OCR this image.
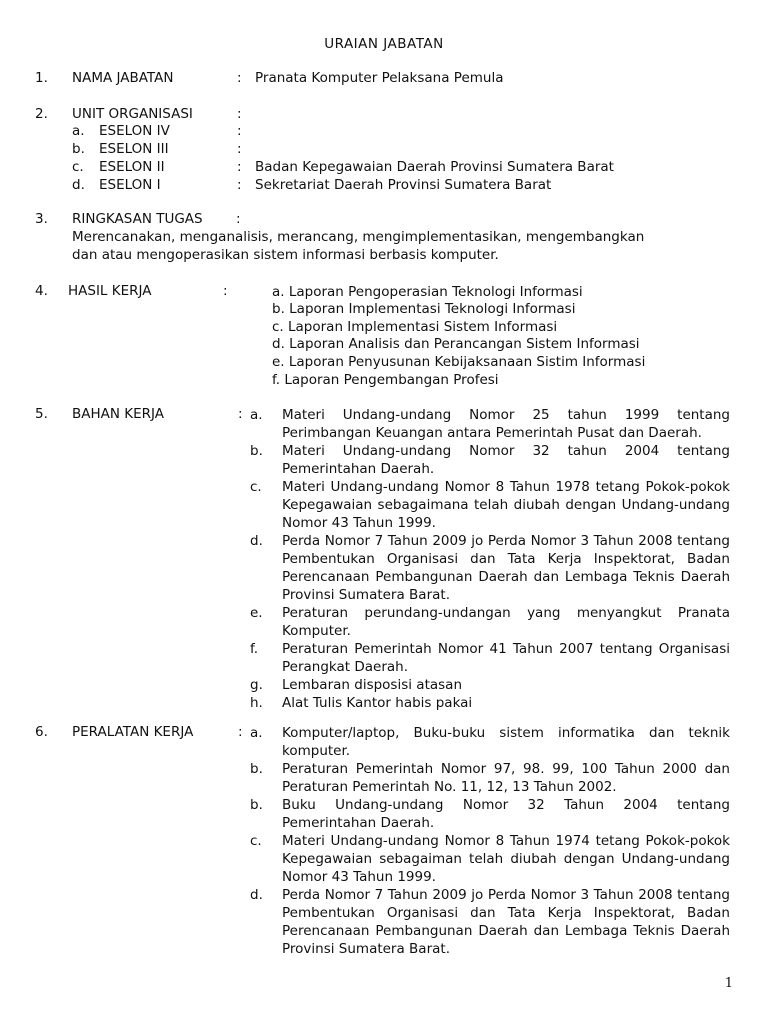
URAIAN JABATAN
1. NAMA JABATAN	: Pranata Komputer Pelaksana Pemula
2. UNIT ORGANISASI	:
a. ESELON IV	:
b. ESELON III	:
c. ESELON II	: Badan Kepegawaian Daerah Provinsi Sumatera Barat
d. ESELON I	: Sekretariat Daerah Provinsi Sumatera Barat
3. RINGKASAN TUGAS :
Merencanakan, menganalisis, merancang, mengimplementasikan, mengembangkan
dan atau mengoperasikan sistem informasi berbasis komputer.
4. HASIL KERJA	:	a. Laporan Pengoperasian Teknologi Informasi
b. Laporan Implementasi Teknologi Informasi
c. Laporan Implementasi Sistem Informasi
d. Laporan Analisis dan Perancangan Sistem Informasi
e. Laporan Penyusunan Kebijaksanaan Sistim Informasi
f. Laporan Pengembangan Profesi
5. BAHAN KERJA	: a. Materi Undang-undang Nomor 25 tahun 1999 tentang Perimbangan Keuangan antara Pemerintah Pusat dan Daerah.
b. Materi Undang-undang Nomor 32 tahun 2004 tentang Pemerintahan Daerah.
c. Materi Undang-undang Nomor 8 Tahun 1978 tetang Pokok-pokok Kepegawaian sebagaimana telah diubah dengan Undang-undang Nomor 43 Tahun 1999.
d. Perda Nomor 7 Tahun 2009 jo Perda Nomor 3 Tahun 2008 tentang Pembentukan Organisasi dan Tata Kerja Inspektorat, Badan Perencanaan Pembangunan Daerah dan Lembaga Teknis Daerah Provinsi Sumatera Barat.
e. Peraturan perundang-undangan yang menyangkut Pranata Komputer.
f. Peraturan Pemerintah Nomor 41 Tahun 2007 tentang Organisasi Perangkat Daerah.
g. Lembaran disposisi atasan
h. Alat Tulis Kantor habis pakai
6. PERALATAN KERJA	: a. Komputer/laptop, Buku-buku sistem informatika dan teknik komputer.
b. Peraturan Pemerintah Nomor 97, 98. 99, 100 Tahun 2000 dan Peraturan Pemerintah No. 11, 12, 13 Tahun 2002.
b. Buku Undang-undang Nomor 32 Tahun 2004 tentang Pemerintahan Daerah.
c. Materi Undang-undang Nomor 8 Tahun 1974 tetang Pokok-pokok Kepegawaian sebagaiman telah diubah dengan Undang-undang Nomor 43 Tahun 1999.
d. Perda Nomor 7 Tahun 2009 jo Perda Nomor 3 Tahun 2008 tentang Pembentukan Organisasi dan Tata Kerja Inspektorat, Badan Perencanaan Pembangunan Daerah dan Lembaga Teknis Daerah Provinsi Sumatera Barat.
1
